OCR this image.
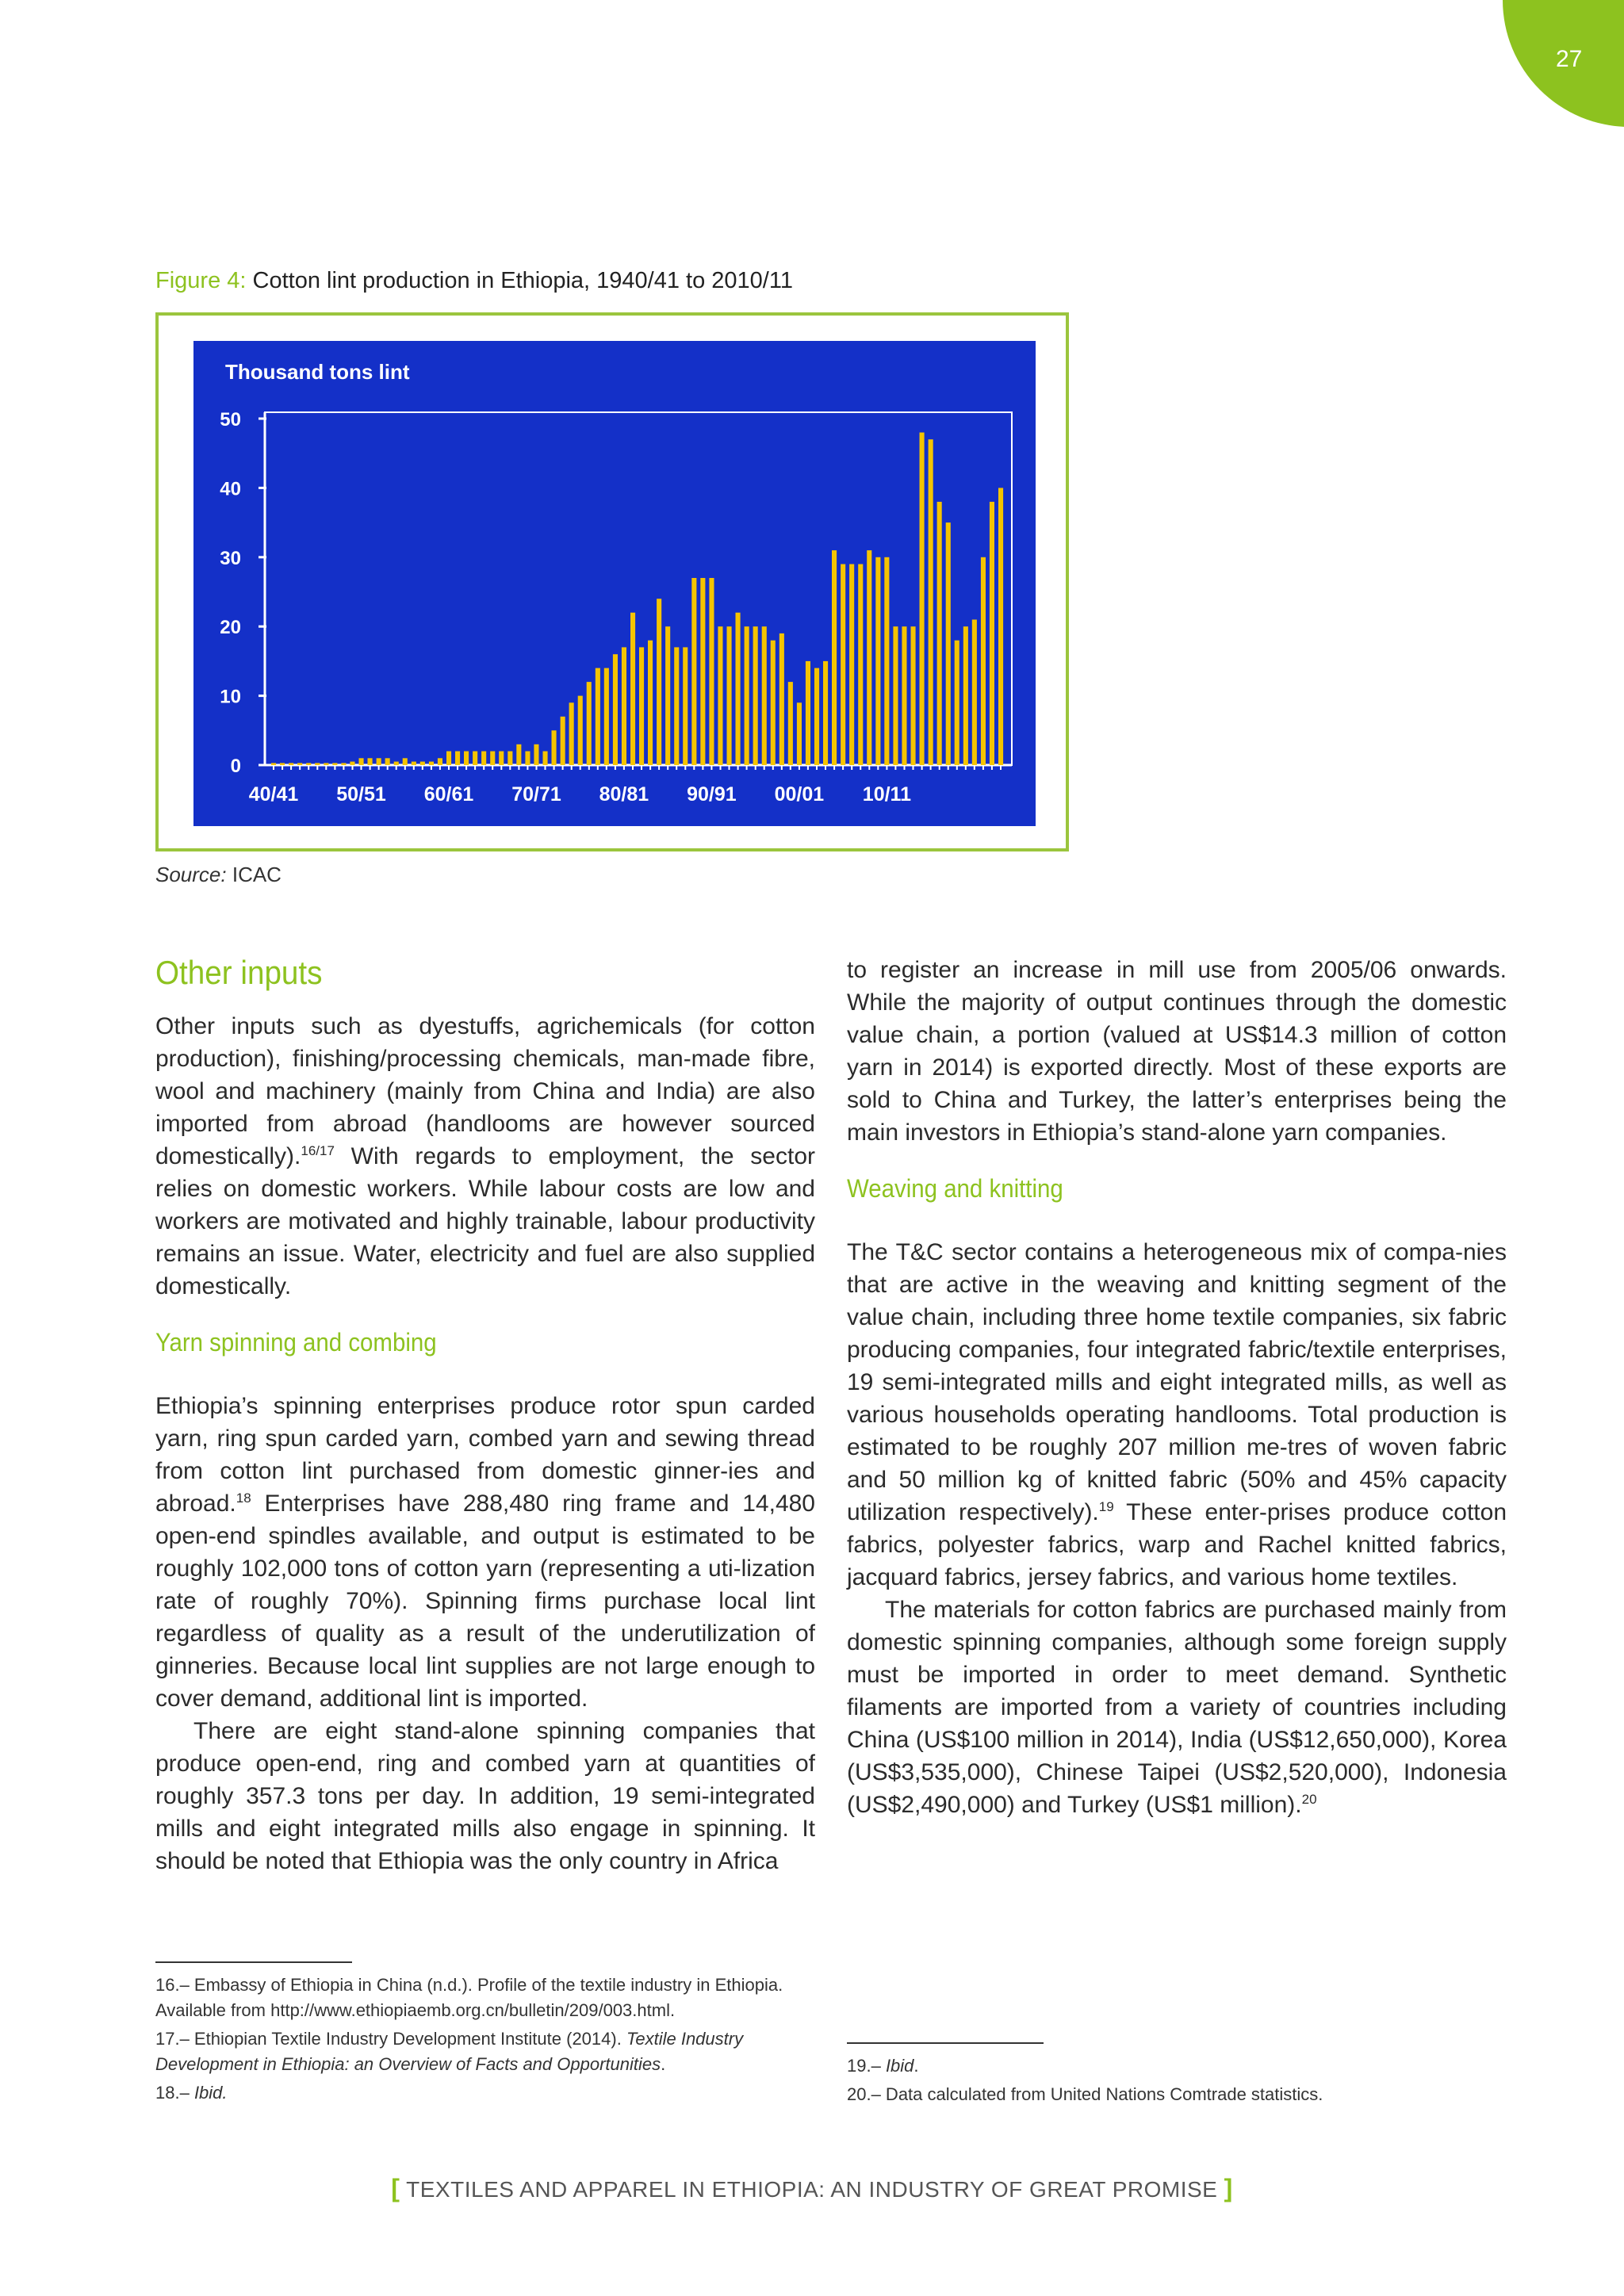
27
Figure 4: Cotton lint production in Ethiopia, 1940/41 to 2010/11
Thousand tons lint
0
10
20
30
40
50
40/41 50/51 60/61 70/71 80/81 90/91 00/01 10/11
Source: ICAC
Other inputs

Other inputs such as dyestuffs, agrichemicals (for cotton production), finishing/processing chemicals, man-made fibre, wool and machinery (mainly from China and India) are also imported from abroad (handlooms are however sourced domestically).$^{16/17}$ With regards to employment, the sector relies on domestic workers. While labour costs are low and workers are motivated and highly trainable, labour productivity remains an issue. Water, electricity and fuel are also supplied domestically.

Yarn spinning and combing

Ethiopia’s spinning enterprises produce rotor spun carded yarn, ring spun carded yarn, combed yarn and sewing thread from cotton lint purchased from domestic ginner-ies and abroad.$^{18}$ Enterprises have 288,480 ring frame and 14,480 open-end spindles available, and output is estimated to be roughly 102,000 tons of cotton yarn (representing a uti-lization rate of roughly 70%). Spinning firms purchase local lint regardless of quality as a result of the underutilization of ginneries. Because local lint supplies are not large enough to cover demand, additional lint is imported.

There are eight stand-alone spinning companies that produce open-end, ring and combed yarn at quantities of roughly 357.3 tons per day. In addition, 19 semi-integrated mills and eight integrated mills also engage in spinning. It should be noted that Ethiopia was the only country in Africa

to register an increase in mill use from 2005/06 onwards. While the majority of output continues through the domestic value chain, a portion (valued at US$14.3 million of cotton yarn in 2014) is exported directly. Most of these exports are sold to China and Turkey, the latter’s enterprises being the main investors in Ethiopia’s stand-alone yarn companies.

Weaving and knitting

The T&C sector contains a heterogeneous mix of compa-nies that are active in the weaving and knitting segment of the value chain, including three home textile companies, six fabric producing companies, four integrated fabric/textile enterprises, 19 semi-integrated mills and eight integrated mills, as well as various households operating handlooms. Total production is estimated to be roughly 207 million me-tres of woven fabric and 50 million kg of knitted fabric (50% and 45% capacity utilization respectively).$^{19}$ These enter-prises produce cotton fabrics, polyester fabrics, warp and Rachel knitted fabrics, jacquard fabrics, jersey fabrics, and various home textiles.

The materials for cotton fabrics are purchased mainly from domestic spinning companies, although some foreign supply must be imported in order to meet demand. Synthetic filaments are imported from a variety of countries including China (US$100 million in 2014), India (US$12,650,000), Korea (US$3,535,000), Chinese Taipei (US$2,520,000), Indonesia (US$2,490,000) and Turkey (US$1 million).$^{20}$

16.– Embassy of Ethiopia in China (n.d.). Profile of the textile industry in Ethiopia. Available from http://www.ethiopiaemb.org.cn/bulletin/209/003.html.

17.– Ethiopian Textile Industry Development Institute (2014). Textile Industry Development in Ethiopia: an Overview of Facts and Opportunities.

18.– Ibid.

19.– Ibid.

20.– Data calculated from United Nations Comtrade statistics.

[ TEXTILES AND APPAREL IN ETHIOPIA: AN INDUSTRY OF GREAT PROMISE ]
